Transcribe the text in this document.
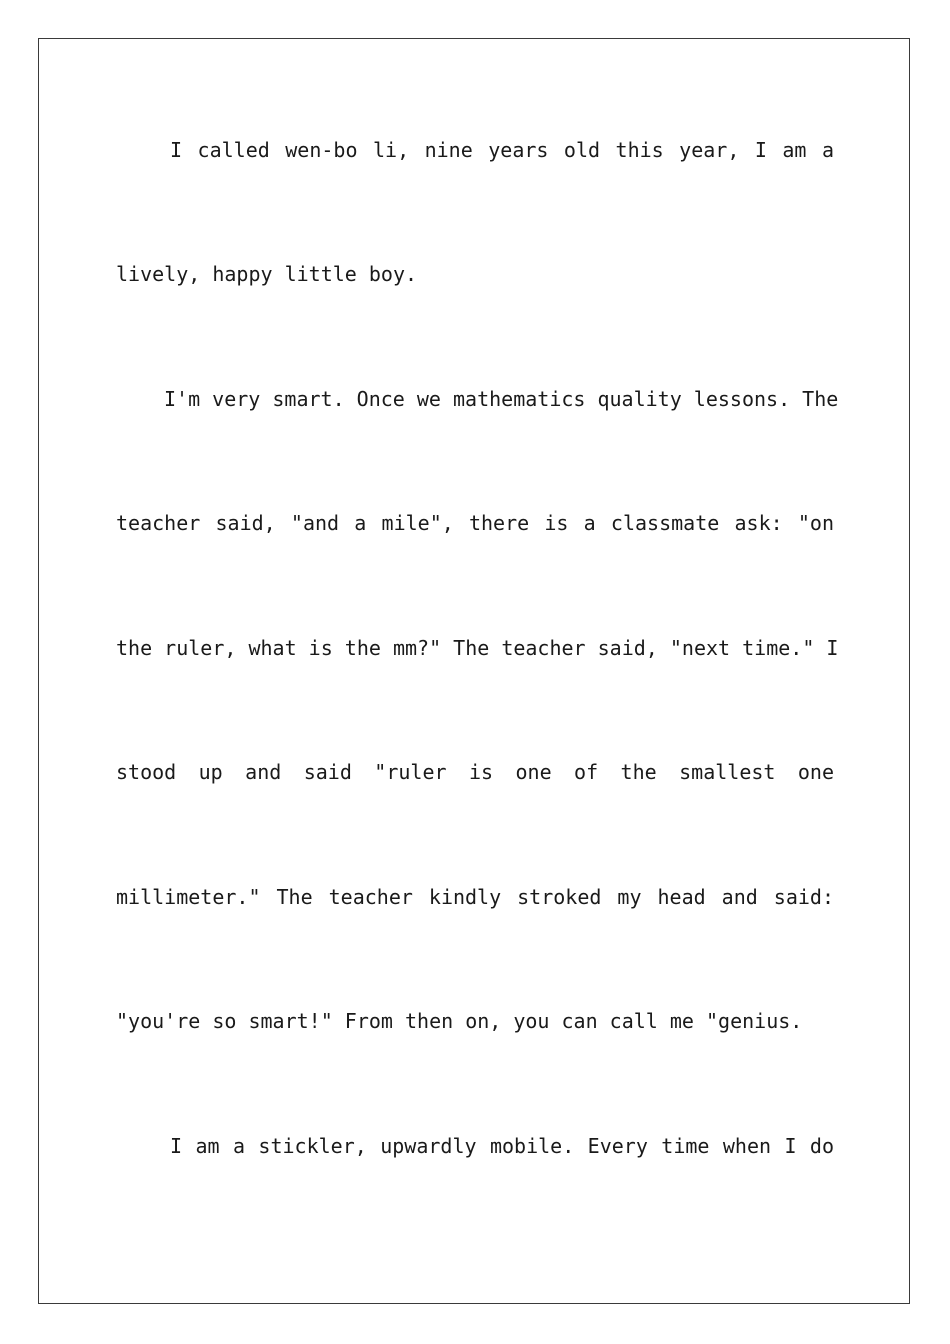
I called wen-bo li, nine years old this year, I am a
lively, happy little boy.
I'm very smart. Once we mathematics quality lessons. The
teacher said, "and a mile", there is a classmate ask: "on
the ruler, what is the mm?" The teacher said, "next time." I
stood up and said "ruler is one of the smallest one
millimeter." The teacher kindly stroked my head and said:
"you're so smart!" From then on, you can call me "genius.
I am a stickler, upwardly mobile. Every time when I do
